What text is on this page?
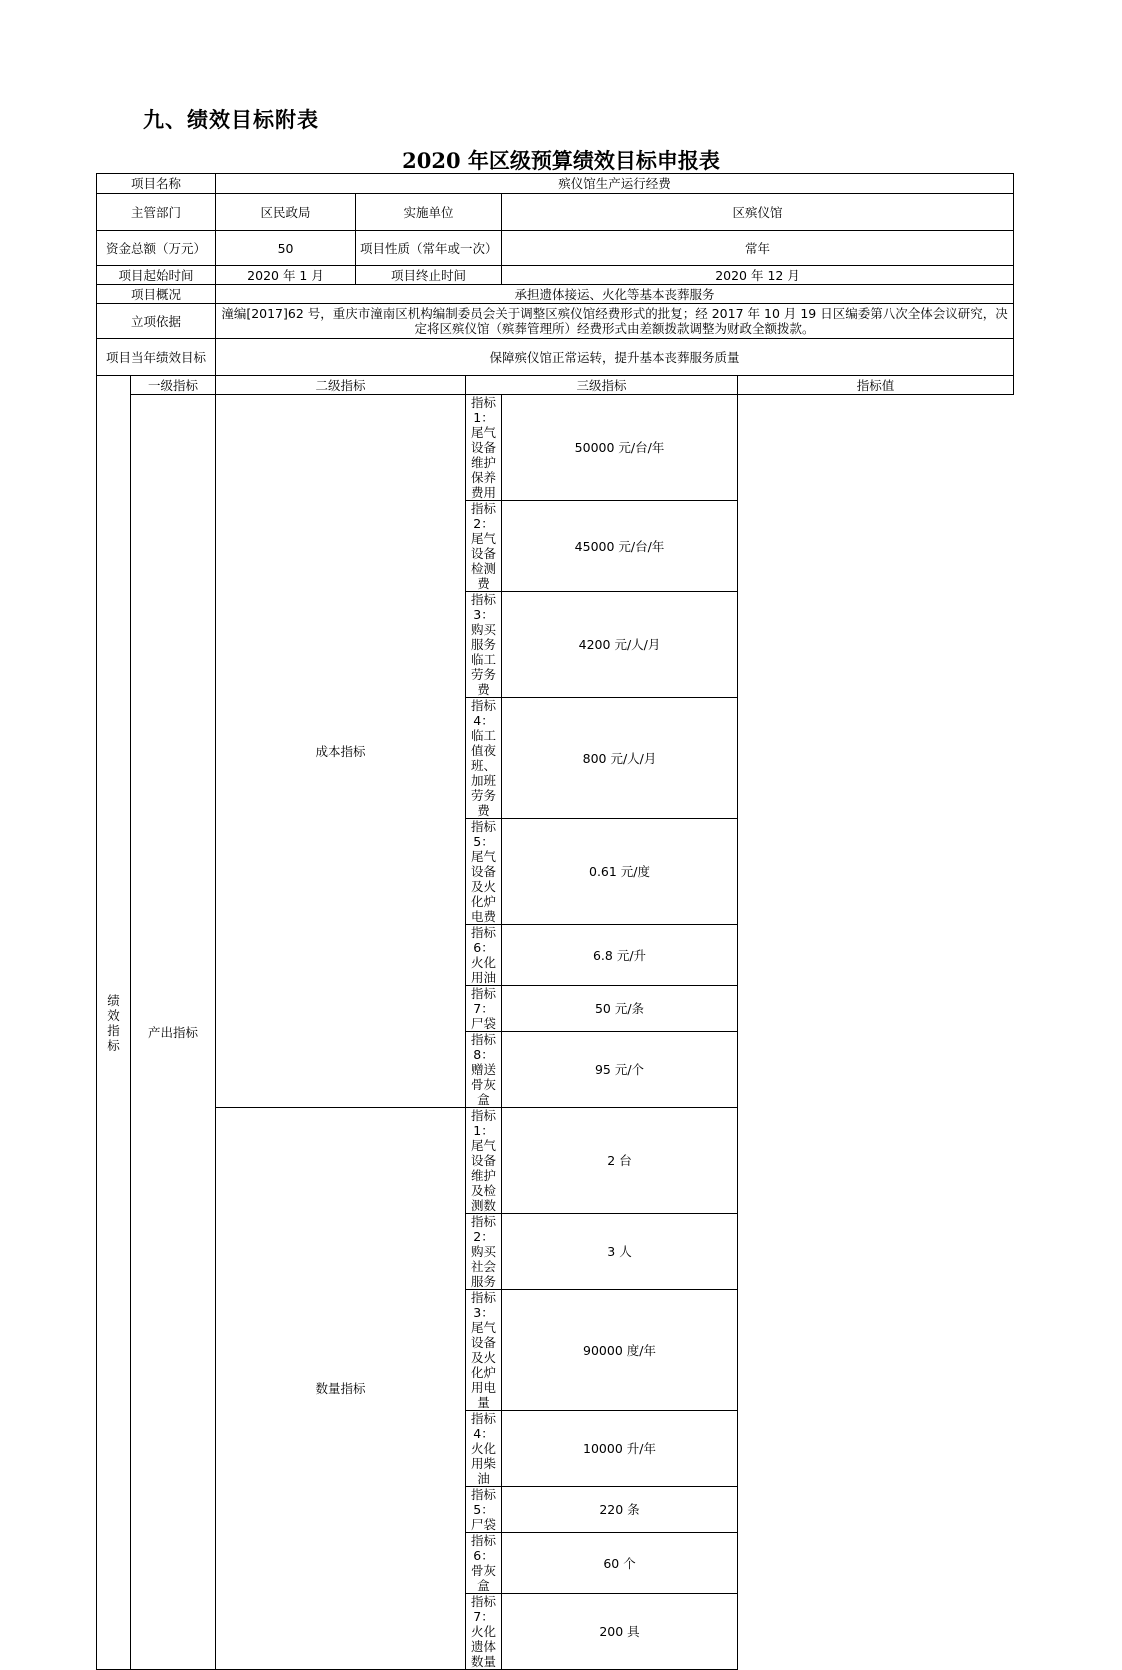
九、绩效目标附表
2020 年区级预算绩效目标申报表
项目名称		殡仪馆生产运行经费				
主管部门		区民政局	实施单位		区殡仪馆	
资金总额（万元）		50	项目性质（常年或一次）		常年	
项目起始时间		2020 年 1 月	项目终止时间		2020 年 12 月	
项目概况		承担遗体接运、火化等基本丧葬服务				
立项依据		潼编[2017]62 号，重庆市潼南区机构编制委员会关于调整区殡仪馆经费形式的批复；经 2017 年 10 月 19 日区编委第八次全体会议研究，决定将区殡仪馆（殡葬管理所）经费形式由差额拨款调整为财政全额拨款。				
项目当年绩效目标		保障殡仪馆正常运转，提升基本丧葬服务质量				

绩
效
指
标	一级指标	二级指标		三级指标		指标值
	产出指标	成本指标		指标 1：尾气设备维护保养费用	50000 元/台/年	
				指标 2：尾气设备检测费	45000 元/台/年	
				指标 3：购买服务临工劳务费	4200 元/人/月	
				指标 4：临工值夜班、加班劳务费	800 元/人/月	
				指标 5：尾气设备及火化炉电费	0.61 元/度	
				指标 6：火化用油	6.8 元/升	
				指标 7：尸袋	50 元/条	
				指标 8：赠送骨灰盒	95 元/个	
		数量指标		指标 1：尾气设备维护及检测数	2 台	
				指标 2：购买社会服务	3 人	
				指标 3：尾气设备及火化炉用电量	90000 度/年	
				指标 4：火化用柴油	10000 升/年	
				指标 5：尸袋	220 条	
				指标 6：骨灰盒	60 个	
				指标 7：火化遗体数量	200 具	
